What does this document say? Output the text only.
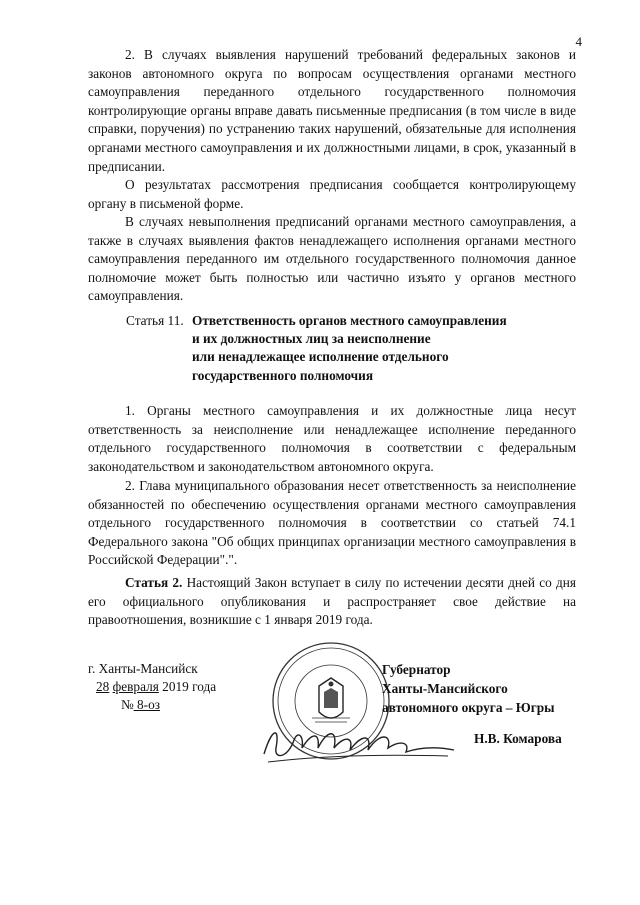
4

2. В случаях выявления нарушений требований федеральных законов и законов автономного округа по вопросам осуществления органами местного самоуправления переданного отдельного государственного полномочия контролирующие органы вправе давать письменные предписания (в том числе в виде справки, поручения) по устранению таких нарушений, обязательные для исполнения органами местного самоуправления и их должностными лицами, в срок, указанный в предписании.

О результатах рассмотрения предписания сообщается контролирующему органу в письменой форме.

В случаях невыполнения предписаний органами местного самоуправления, а также в случаях выявления фактов ненадлежащего исполнения органами местного самоуправления переданного им отдельного государственного полномочия данное полномочие может быть полностью или частично изъято у органов местного самоуправления.

Статья 11. Ответственность органов местного самоуправления
и их должностных лиц за неисполнение
или ненадлежащее исполнение отдельного
государственного полномочия

1. Органы местного самоуправления и их должностные лица несут ответственность за неисполнение или ненадлежащее исполнение переданного отдельного государственного полномочия в соответствии с федеральным законодательством и законодательством автономного округа.

2. Глава муниципального образования несет ответственность за неисполнение обязанностей по обеспечению осуществления органами местного самоуправления отдельного государственного полномочия в соответствии со статьей 74.1 Федерального закона "Об общих принципах организации местного самоуправления в Российской Федерации".".

Статья 2. Настоящий Закон вступает в силу по истечении десяти дней со дня его официального опубликования и распространяет свое действие на правоотношения, возникшие с 1 января 2019 года.

г. Ханты-Мансийск
28 февраля 2019 года
№ 8-оз
Губернатор
Ханты-Мансийского
автономного округа – Югры
Н.В. Комарова
